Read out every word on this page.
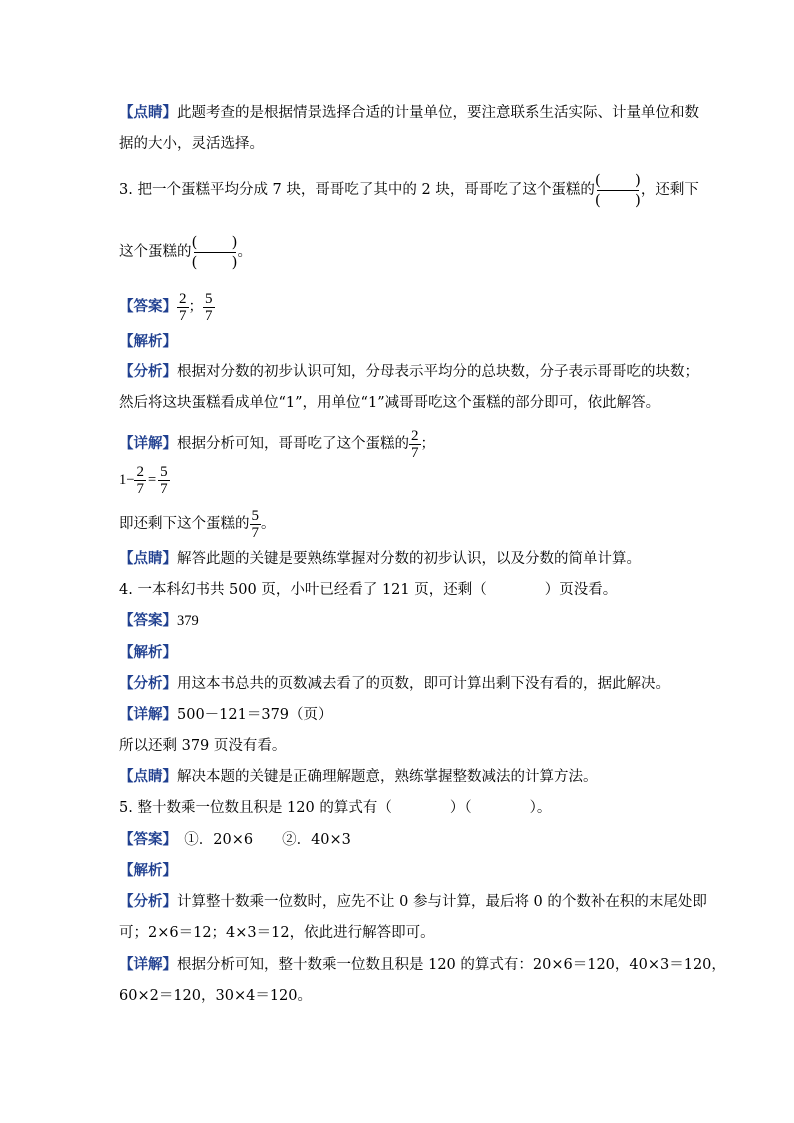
【点睛】此题考查的是根据情景选择合适的计量单位，要注意联系生活实际、计量单位和数
据的大小，灵活选择。
3. 把一个蛋糕平均分成 7 块，哥哥吃了其中的 2 块，哥哥吃了这个蛋糕的
( )
( )
，还剩下
这个蛋糕的
( )
( )
。
【答案】 $\frac{2}{7}$ ； $\frac{5}{7}$
【解析】
【分析】根据对分数的初步认识可知，分母表示平均分的总块数，分子表示哥哥吃的块数；
然后将这块蛋糕看成单位“1”，用单位“1”减哥哥吃这个蛋糕的部分即可，依此解答。
【详解】根据分析可知，哥哥吃了这个蛋糕的 $\frac{2}{7}$ ；
$1- \frac{2}{7} = \frac{5}{7}$
即还剩下这个蛋糕的 $\frac{5}{7}$ 。
【点睛】解答此题的关键是要熟练掌握对分数的初步认识，以及分数的简单计算。
4. 一本科幻书共 500 页，小叶已经看了 121 页，还剩（　　　　）页没看。
【答案】379
【解析】
【分析】用这本书总共的页数减去看了的页数，即可计算出剩下没有看的，据此解决。
【详解】500－121＝379（页）
所以还剩 379 页没有看。
【点睛】解决本题的关键是正确理解题意，熟练掌握整数减法的计算方法。
5. 整十数乘一位数且积是 120 的算式有（　　　　）（　　　　）。
【答案】　①．20×6　　②．40×3
【解析】
【分析】计算整十数乘一位数时，应先不让 0 参与计算，最后将 0 的个数补在积的末尾处即
可；2×6＝12；4×3＝12，依此进行解答即可。
【详解】根据分析可知，整十数乘一位数且积是 120 的算式有：20×6＝120，40×3＝120，
60×2＝120，30×4＝120。
